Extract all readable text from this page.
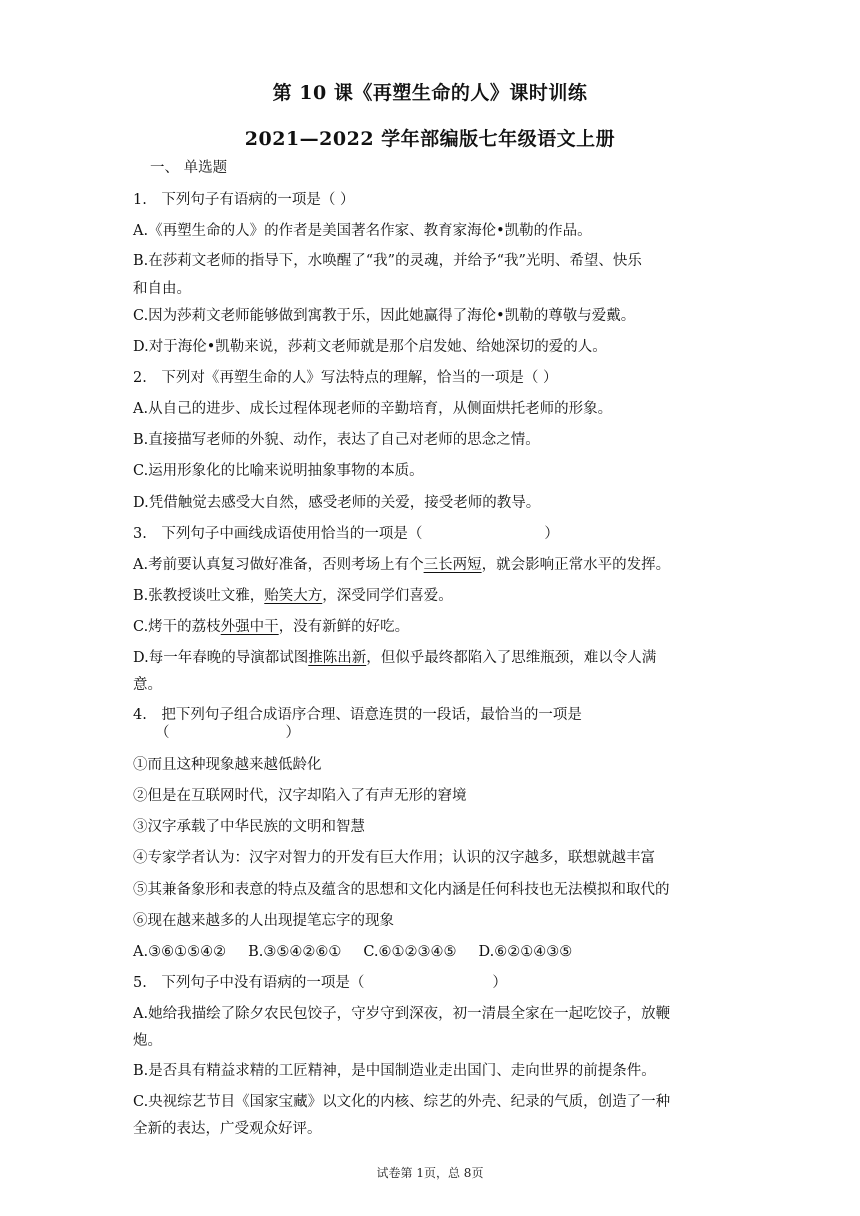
第 10 课《再塑生命的人》课时训练
2021—2022 学年部编版七年级语文上册
一、 单选题
1.　下列句子有语病的一项是（ ）
A.《再塑生命的人》的作者是美国著名作家、教育家海伦•凯勒的作品。
B.在莎莉文老师的指导下，水唤醒了“我”的灵魂，并给予“我”光明、希望、快乐
和自由。
C.因为莎莉文老师能够做到寓教于乐，因此她赢得了海伦•凯勒的尊敬与爱戴。
D.对于海伦•凯勒来说，莎莉文老师就是那个启发她、给她深切的爱的人。
2.　下列对《再塑生命的人》写法特点的理解，恰当的一项是（ ）
A.从自己的进步、成长过程体现老师的辛勤培育，从侧面烘托老师的形象。
B.直接描写老师的外貌、动作，表达了自己对老师的思念之情。
C.运用形象化的比喻来说明抽象事物的本质。
D.凭借触觉去感受大自然，感受老师的关爱，接受老师的教导。
3.　下列句子中画线成语使用恰当的一项是（	）
A.考前要认真复习做好准备，否则考场上有个三长两短，就会影响正常水平的发挥。
B.张教授谈吐文雅，贻笑大方，深受同学们喜爱。
C.烤干的荔枝外强中干，没有新鲜的好吃。
D.每一年春晚的导演都试图推陈出新，但似乎最终都陷入了思维瓶颈，难以令人满
意。
4.　把下列句子组合成语序合理、语意连贯的一段话，最恰当的一项是
（　　　　　　　　）
①而且这种现象越来越低龄化
②但是在互联网时代，汉字却陷入了有声无形的窘境
③汉字承载了中华民族的文明和智慧
④专家学者认为：汉字对智力的开发有巨大作用；认识的汉字越多，联想就越丰富
⑤其兼备象形和表意的特点及蕴含的思想和文化内涵是任何科技也无法模拟和取代的
⑥现在越来越多的人出现提笔忘字的现象
A.③⑥①⑤④② B.③⑤④②⑥① C.⑥①②③④⑤ D.⑥②①④③⑤
5.　下列句子中没有语病的一项是（	）
A.她给我描绘了除夕农民包饺子，守岁守到深夜，初一清晨全家在一起吃饺子，放鞭
炮。
B.是否具有精益求精的工匠精神，是中国制造业走出国门、走向世界的前提条件。
C.央视综艺节目《国家宝藏》以文化的内核、综艺的外壳、纪录的气质，创造了一种
全新的表达，广受观众好评。
试卷第 1页，总 8页
